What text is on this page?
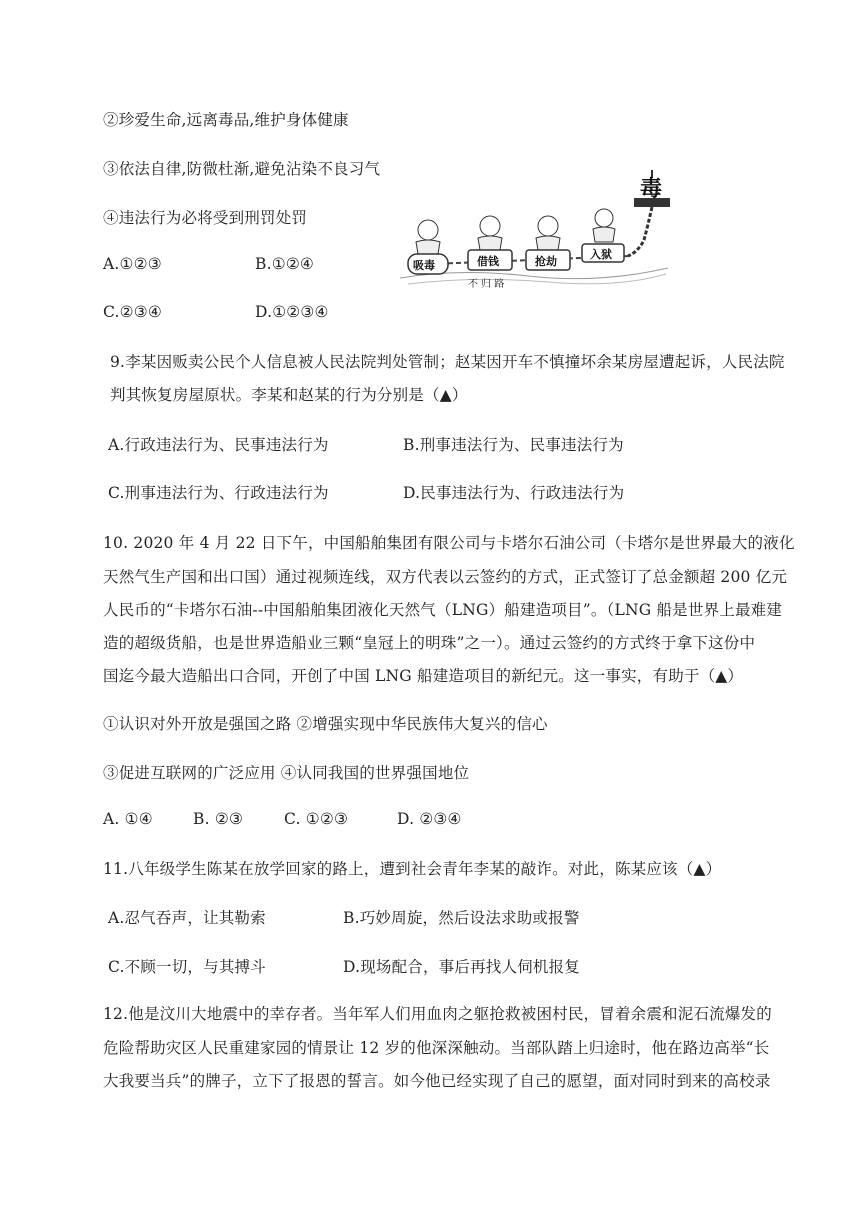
②珍爱生命,远离毒品,维护身体健康
③依法自律,防微杜渐,避免沾染不良习气
④违法行为必将受到刑罚处罚
A.①②③	B.①②④
C.②③④	D.①②③④
毒
吸毒	借钱	抢劫
入狱
不 归 路
9.李某因贩卖公民个人信息被人民法院判处管制；赵某因开车不慎撞坏余某房屋遭起诉，人民法院
判其恢复房屋原状。李某和赵某的行为分别是（▲）
A.行政违法行为、民事违法行为	B.刑事违法行为、民事违法行为
C.刑事违法行为、行政违法行为	D.民事违法行为、行政违法行为
10. 2020 年 4 月 22 日下午，中国船舶集团有限公司与卡塔尔石油公司（卡塔尔是世界最大的液化
天然气生产国和出口国）通过视频连线，双方代表以云签约的方式，正式签订了总金额超 200 亿元
人民币的“卡塔尔石油--中国船舶集团液化天然气（LNG）船建造项目”。（LNG 船是世界上最难建
造的超级货船，也是世界造船业三颗“皇冠上的明珠”之一）。通过云签约的方式终于拿下这份中
国迄今最大造船出口合同，开创了中国 LNG 船建造项目的新纪元。这一事实，有助于（▲）
①认识对外开放是强国之路 ②增强实现中华民族伟大复兴的信心
③促进互联网的广泛应用 ④认同我国的世界强国地位
A. ①④	B. ②③	C. ①②③	D. ②③④
11.八年级学生陈某在放学回家的路上，遭到社会青年李某的敲诈。对此，陈某应该（▲）
A.忍气吞声，让其勒索	B.巧妙周旋，然后设法求助或报警
C.不顾一切，与其搏斗	D.现场配合，事后再找人伺机报复
12.他是汶川大地震中的幸存者。当年军人们用血肉之躯抢救被困村民，冒着余震和泥石流爆发的
危险帮助灾区人民重建家园的情景让 12 岁的他深深触动。当部队踏上归途时，他在路边高举“长
大我要当兵”的牌子，立下了报恩的誓言。如今他已经实现了自己的愿望，面对同时到来的高校录
